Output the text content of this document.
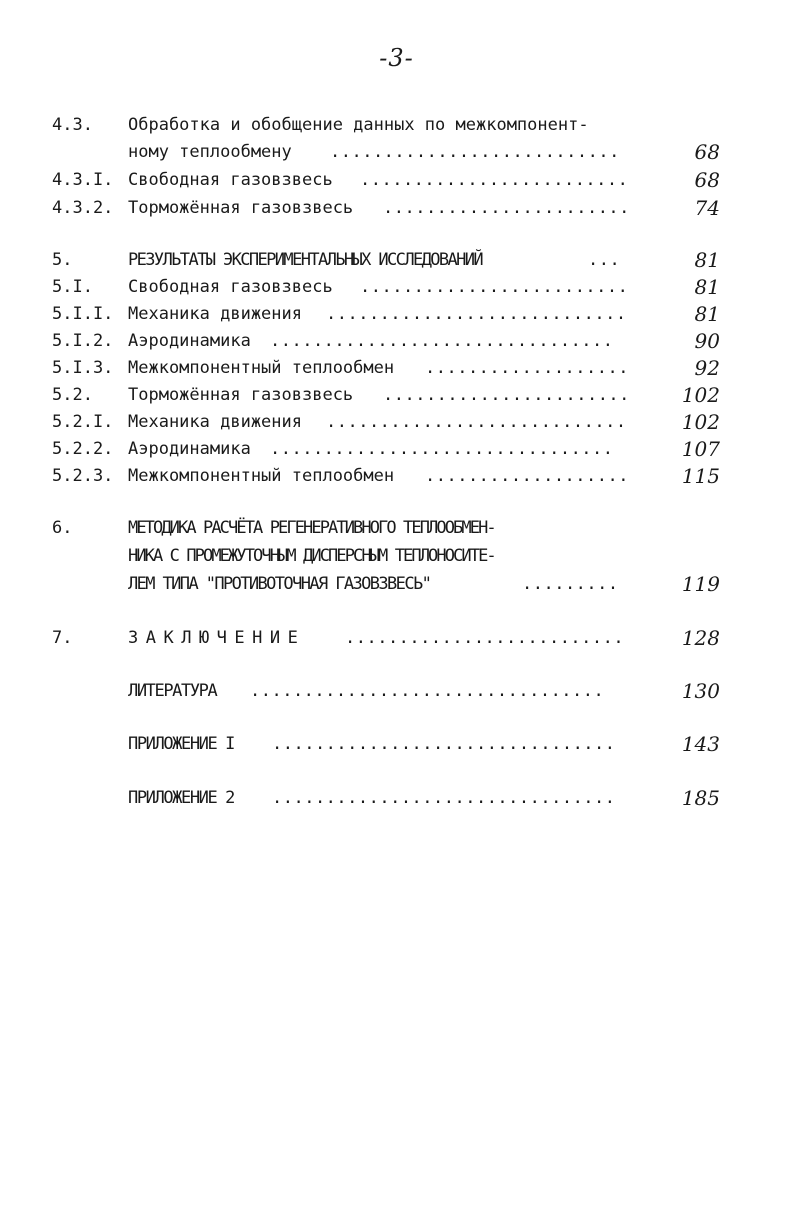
-3-
4.3. Обработка и обобщение данных по межкомпонент-
ному теплообмену ...........................	68
4.3.I. Свободная газовзвесь .........................	68
4.3.2. Торможённая газовзвесь .......................	74
5.	РЕЗУЛЬТАТЫ ЭКСПЕРИМЕНТАЛЬНЫХ ИССЛЕДОВАНИЙ	...	81
5.I. Свободная газовзвесь .........................	81
5.I.I. Механика движения ............................	81
5.I.2. Аэродинамика ................................	90
5.I.3. Межкомпонентный теплообмен ...................	92
5.2. Торможённая газовзвесь .......................	102
5.2.I. Механика движения ............................	102
5.2.2. Аэродинамика ................................	107
5.2.3. Межкомпонентный теплообмен ...................	115
6.	МЕТОДИКА РАСЧЁТА РЕГЕНЕРАТИВНОГО ТЕПЛООБМЕН-
НИКА С ПРОМЕЖУТОЧНЫМ ДИСПЕРСНЫМ ТЕПЛОНОСИТЕ-
ЛЕМ ТИПА "ПРОТИВОТОЧНАЯ ГАЗОВЗВЕСЬ"	.........	119
7.	ЗАКЛЮЧЕНИЕ ..........................	128
ЛИТЕРАТУРА .................................	130
ПРИЛОЖЕНИЕ I ................................	143
ПРИЛОЖЕНИЕ 2 ................................	185
